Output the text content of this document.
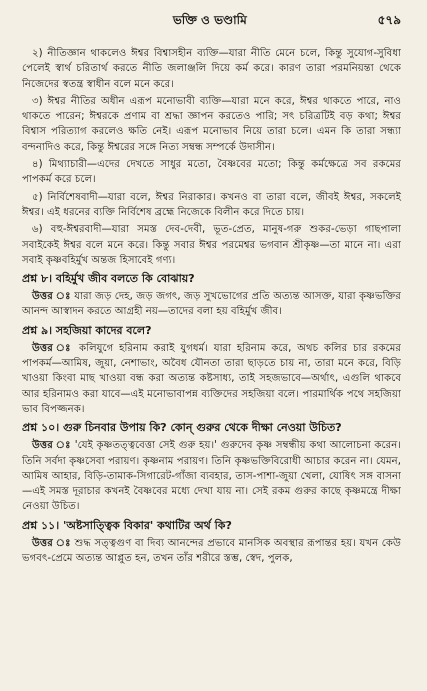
ভক্তি ও ভণ্ডামি	৫৭৯

২) নীতিজ্ঞান থাকলেও ঈশ্বর বিশ্বাসহীন ব্যক্তি—যারা নীতি মেনে চলে, কিন্তু সুযোগ-সুবিধা পেলেই স্বার্থ চরিতার্থ করতে নীতি জলাঞ্জলি দিয়ে কর্ম করে। কারণ তারা পরমনিয়ন্তা থেকে নিজেদের স্বতন্ত্র স্বাধীন বলে মনে করে।

৩) ঈশ্বর নীতির অধীন এরূপ মনোভাবী ব্যক্তি—যারা মনে করে, ঈশ্বর থাকতে পারে, নাও থাকতে পারেন; ঈশ্বরকে প্রণাম বা শ্রদ্ধা জ্ঞাপন করতেও পারি; সৎ চরিত্রটিই বড় কথা; ঈশ্বর বিশ্বাস পরিত্যাগ করলেও ক্ষতি নেই। এরূপ মনোভাব নিয়ে তারা চলে। এমন কি তারা সন্ধ্যা বন্দনাদিও করে, কিন্তু ঈশ্বরের সঙ্গে নিত্য সম্বন্ধ সম্পর্কে উদাসীন।

৪) মিথ্যাচারী—এদের দেখতে সাধুর মতো, বৈষ্ণবের মতো; কিন্তু কর্মক্ষেত্রে সব রকমের পাপকর্ম করে চলে।

৫) নির্বিশেষবাদী—যারা বলে, ঈশ্বর নিরাকার। কখনও বা তারা বলে, জীবই ঈশ্বর, সকলেই ঈশ্বর। এই ধরনের ব্যক্তি নির্বিশেষ ব্রহ্মে নিজেকে বিলীন করে দিতে চায়।

৬) বহু-ঈশ্বরবাদী—যারা সমস্ত দেব-দেবী, ভূত-প্রেত, মানুষ-গরু শুকর-ভেড়া গাছপালা সবাইকেই ঈশ্বর বলে মনে করে। কিন্তু সবার ঈশ্বর পরমেশ্বর ভগবান শ্রীকৃষ্ণ—তা মানে না। এরা সবাই কৃষ্ণবহির্মুখ অন্তজ হিসাবেই গণ্য।

প্রশ্ন ৮। বহির্মুখ জীব বলতে কি বোঝায়?

উত্তর ঃ যারা জড় দেহ, জড় জগৎ, জড় সুখভোগের প্রতি অত্যন্ত আসক্ত, যারা কৃষ্ণভক্তির আনন্দ আস্বাদন করতে আগ্রহী নয়—তাদের বলা হয় বহির্মুখ জীব।

প্রশ্ন ৯। সহজিয়া কাদের বলে?

উত্তর ঃ কলিযুগে হরিনাম করাই যুগধর্ম। যারা হরিনাম করে, অথচ কলির চার রকমের পাপকর্ম—আমিষ, জুয়া, নেশাভাং, অবৈধ যৌনতা তারা ছাড়তে চায় না, তারা মনে করে, বিড়ি খাওয়া কিংবা মাছ খাওয়া বন্ধ করা অত্যন্ত কষ্টসাধ্য, তাই সহজভাবে—অর্থাৎ, এগুলি থাকবে আর হরিনামও করা যাবে—এই মনোভাবাপন্ন ব্যক্তিদের সহজিয়া বলে। পারমার্থিক পথে সহজিয়া ভাব বিপজ্জনক।

প্রশ্ন ১০। গুরু চিনবার উপায় কি? কোন্ গুরুর থেকে দীক্ষা নেওয়া উচিত?

উত্তর ঃ 'যেই কৃষ্ণতত্ত্ববেত্তা সেই গুরু হয়।' গুরুদেব কৃষ্ণ সম্বন্ধীয় কথা আলোচনা করেন। তিনি সর্বদা কৃষ্ণসেবা পরায়ণ। কৃষ্ণনাম পরায়ণ। তিনি কৃষ্ণভক্তিবিরোধী আচার করেন না। যেমন, আমিষ আহার, বিড়ি-তামাক-সিগারেট-গাঁজা ব্যবহার, তাস-পাশা-জুয়া খেলা, যোষিৎ সঙ্গ বাসনা—এই সমস্ত দূরাচার কখনই বৈষ্ণবের মধ্যে দেখা যায় না। সেই রকম গুরুর কাছে কৃষ্ণমন্ত্রে দীক্ষা নেওয়া উচিত।

প্রশ্ন ১১। 'অষ্টসাত্ত্বিক বিকার' কথাটির অর্থ কি?

উত্তর ঃ শুদ্ধ সত্ত্বগুণ বা দিব্য আনন্দের প্রভাবে মানসিক অবস্থার রূপান্তর হয়। যখন কেউ ভগবৎ-প্রেমে অত্যন্ত আপ্লুত হন, তখন তাঁর শরীরে স্তম্ভ, স্বেদ, পুলক,
